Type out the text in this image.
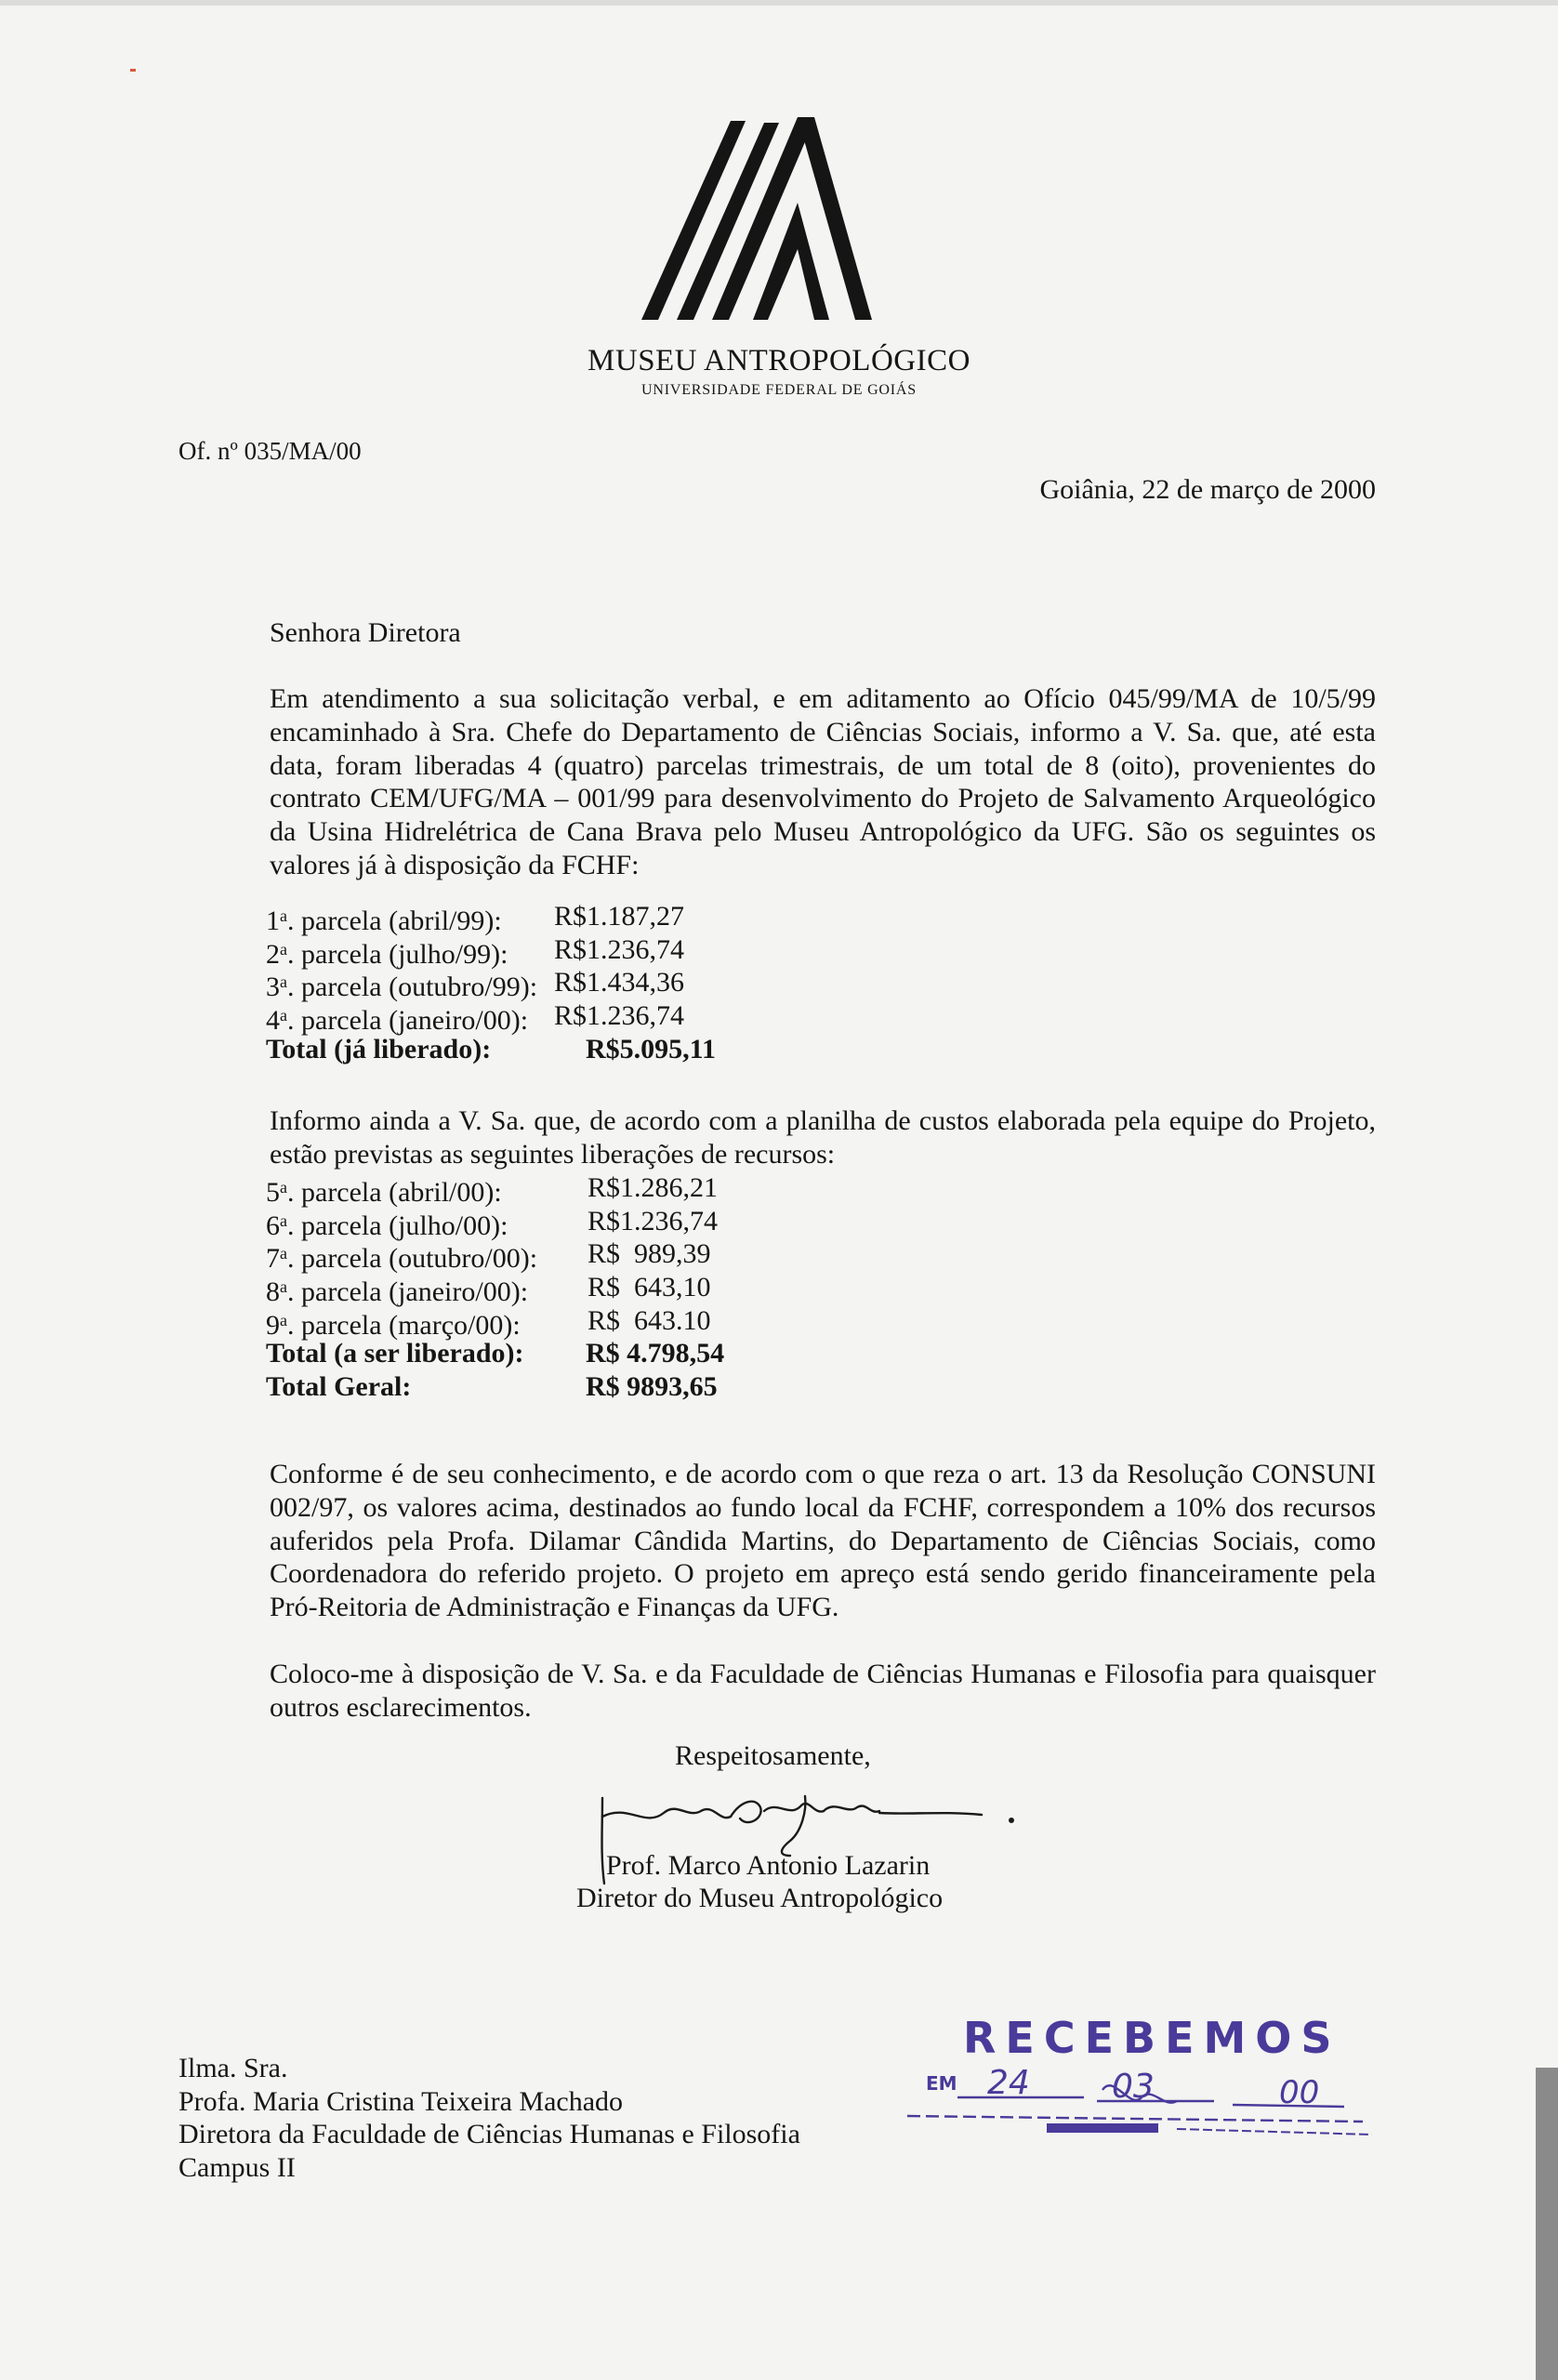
MUSEU ANTROPOLÓGICO
UNIVERSIDADE FEDERAL DE GOIÁS
Of. nº 035/MA/00
Goiânia, 22 de março de 2000
Senhora Diretora
Em atendimento a sua solicitação verbal, e em aditamento ao Ofício 045/99/MA de 10/5/99 encaminhado à Sra. Chefe do Departamento de Ciências Sociais, informo a V. Sa. que, até esta data, foram liberadas 4 (quatro) parcelas trimestrais, de um total de 8 (oito), provenientes do contrato CEM/UFG/MA – 001/99 para desenvolvimento do Projeto de Salvamento Arqueológico da Usina Hidrelétrica de Cana Brava pelo Museu Antropológico da UFG. São os seguintes os valores já à disposição da FCHF:
1$^a$. parcela (abril/99): R$1.187,27
2$^a$. parcela (julho/99): R$1.236,74
3$^a$. parcela (outubro/99): R$1.434,36
4$^a$. parcela (janeiro/00): R$1.236,74
Total (já liberado):	R$5.095,11
Informo ainda a V. Sa. que, de acordo com a planilha de custos elaborada pela equipe do Projeto, estão previstas as seguintes liberações de recursos:
5$^a$. parcela (abril/00):	R$1.286,21
6$^a$. parcela (julho/00):	R$1.236,74
7$^a$. parcela (outubro/00): R$  989,39
8$^a$. parcela (janeiro/00): R$  643,10
9$^a$. parcela (março/00): R$  643.10
Total (a ser liberado): R$ 4.798,54
Total Geral:	R$ 9893,65
Conforme é de seu conhecimento, e de acordo com o que reza o art. 13 da Resolução CONSUNI 002/97, os valores acima, destinados ao fundo local da FCHF, correspondem a 10% dos recursos auferidos pela Profa. Dilamar Cândida Martins, do Departamento de Ciências Sociais, como Coordenadora do referido projeto. O projeto em apreço está sendo gerido financeiramente pela Pró-Reitoria de Administração e Finanças da UFG.
Coloco-me à disposição de V. Sa. e da Faculdade de Ciências Humanas e Filosofia para quaisquer outros esclarecimentos.
Respeitosamente,
Prof. Marco Antonio Lazarin
Diretor do Museu Antropológico
RECEBEMOS
EM 24 03	00
Ilma. Sra.
Profa. Maria Cristina Teixeira Machado
Diretora da Faculdade de Ciências Humanas e Filosofia
Campus II
